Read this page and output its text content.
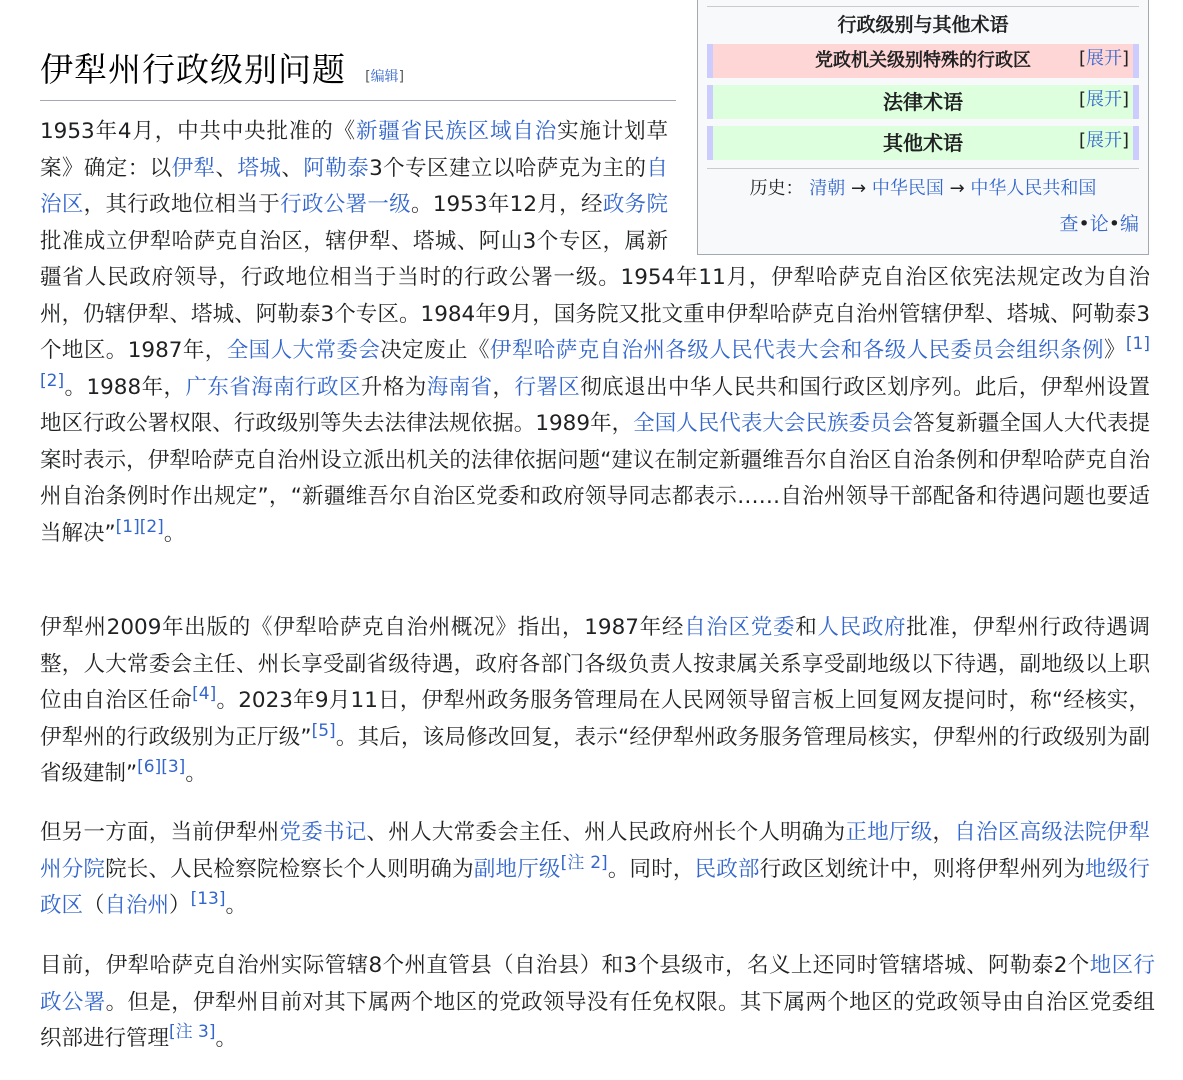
行政级别与其他术语
党政机关级别特殊的行政区	[展开]
法律术语	[展开]
其他术语	[展开]
历史： 清朝 → 中华民国 → 中华人民共和国
查•论•编
伊犁州行政级别问题 [编辑]

1953年4月，中共中央批准的《新疆省民族区域自治实施计划草案》确定：以伊犁、塔城、阿勒泰3个专区建立以哈萨克为主的自治区，其行政地位相当于行政公署一级。1953年12月，经政务院批准成立伊犁哈萨克自治区，辖伊犁、塔城、阿山3个专区，属新疆省人民政府领导，行政地位相当于当时的行政公署一级。1954年11月，伊犁哈萨克自治区依宪法规定改为自治州，仍辖伊犁、塔城、阿勒泰3个专区。1984年9月，国务院又批文重申伊犁哈萨克自治州管辖伊犁、塔城、阿勒泰3个地区。1987年，全国人大常委会决定废止《伊犁哈萨克自治州各级人民代表大会和各级人民委员会组织条例》[1][2]。1988年，广东省海南行政区升格为海南省，行署区彻底退出中华人民共和国行政区划序列。此后，伊犁州设置地区行政公署权限、行政级别等失去法律法规依据。1989年，全国人民代表大会民族委员会答复新疆全国人大代表提案时表示，伊犁哈萨克自治州设立派出机关的法律依据问题“建议在制定新疆维吾尔自治区自治条例和伊犁哈萨克自治州自治条例时作出规定”，“新疆维吾尔自治区党委和政府领导同志都表示……自治州领导干部配备和待遇问题也要适当解决”[1][2]。

伊犁州2009年出版的《伊犁哈萨克自治州概况》指出，1987年经自治区党委和人民政府批准，伊犁州行政待遇调整，人大常委会主任、州长享受副省级待遇，政府各部门各级负责人按隶属关系享受副地级以下待遇，副地级以上职位由自治区任命[4]。2023年9月11日，伊犁州政务服务管理局在人民网领导留言板上回复网友提问时，称“经核实，伊犁州的行政级别为正厅级”[5]。其后，该局修改回复，表示“经伊犁州政务服务管理局核实，伊犁州的行政级别为副省级建制”[6][3]。

但另一方面，当前伊犁州党委书记、州人大常委会主任、州人民政府州长个人明确为正地厅级，自治区高级法院伊犁州分院院长、人民检察院检察长个人则明确为副地厅级[注 2]。同时，民政部行政区划统计中，则将伊犁州列为地级行政区（自治州）[13]。

目前，伊犁哈萨克自治州实际管辖8个州直管县（自治县）和3个县级市，名义上还同时管辖塔城、阿勒泰2个地区行政公署。但是，伊犁州目前对其下属两个地区的党政领导没有任免权限。其下属两个地区的党政领导由自治区党委组织部进行管理[注 3]。
